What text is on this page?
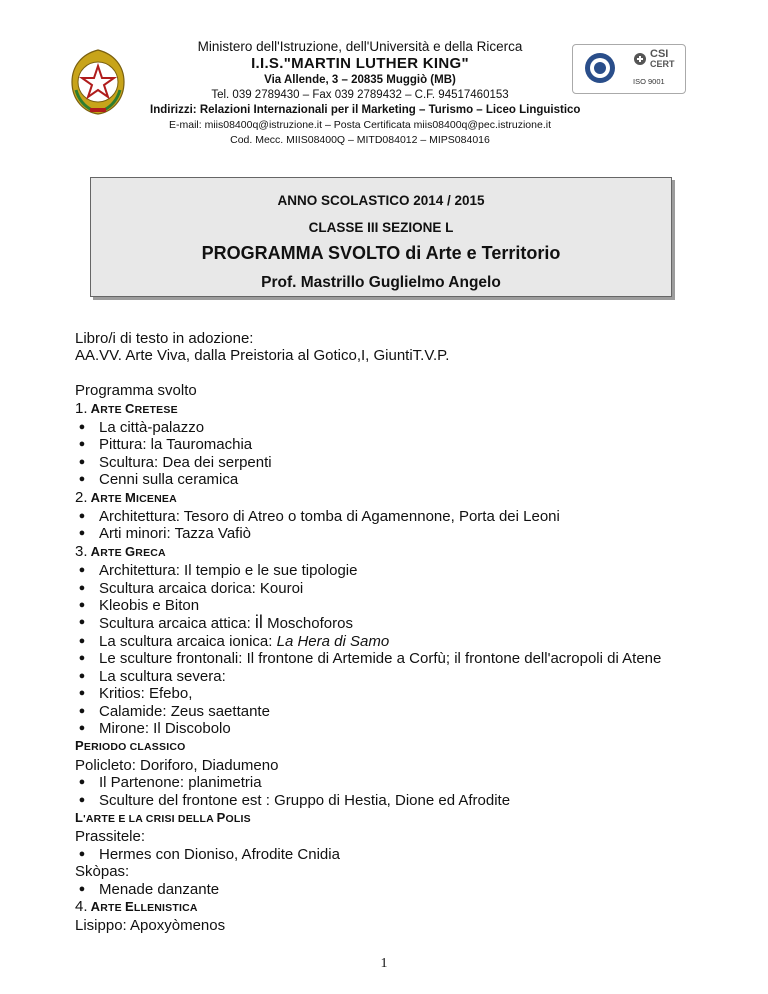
Ministero dell'Istruzione, dell'Università e della Ricerca
I.I.S."MARTIN LUTHER KING"
Via Allende, 3 – 20835 Muggiò (MB)
Tel. 039 2789430 – Fax 039 2789432 – C.F. 94517460153
Indirizzi: Relazioni Internazionali per il Marketing – Turismo – Liceo Linguistico
E-mail: miis08400q@istruzione.it – Posta Certificata miis08400q@pec.istruzione.it
Cod. Mecc. MIIS08400Q – MITD084012 – MIPS084016
CSI
CERT
ISO 9001
ANNO SCOLASTICO 2014 / 2015
CLASSE III SEZIONE L
PROGRAMMA SVOLTO di Arte e Territorio
Prof. Mastrillo Guglielmo Angelo

Libro/i di testo in adozione:

AA.VV. Arte Viva, dalla Preistoria al Gotico,I, GiuntiT.V.P.

Programma svolto

1. ARTE CRETESE

● La città-palazzo
● Pittura: la Tauromachia
● Scultura: Dea dei serpenti
● Cenni sulla ceramica

2. ARTE MICENEA

● Architettura: Tesoro di Atreo o tomba di Agamennone, Porta dei Leoni
● Arti minori: Tazza Vafiò

3. ARTE GRECA

● Architettura: Il tempio e le sue tipologie
● Scultura arcaica dorica: Kouroi
● Kleobis e Biton
● Scultura arcaica attica: il Moschoforos
● La scultura arcaica ionica: La Hera di Samo
● Le sculture frontonali: Il frontone di Artemide a Corfù; il frontone dell'acropoli di Atene
● La scultura severa:
● Kritios: Efebo,
● Calamide: Zeus saettante
● Mirone: Il Discobolo

PERIODO CLASSICO

Policleto: Doriforo, Diadumeno

● Il Partenone: planimetria
● Sculture del frontone est : Gruppo di Hestia, Dione ed Afrodite

L'ARTE E LA CRISI DELLA POLIS

Prassitele:

● Hermes con Dioniso, Afrodite Cnidia

Skòpas:

● Menade danzante

4. ARTE ELLENISTICA

Lisippo: Apoxyòmenos

1
